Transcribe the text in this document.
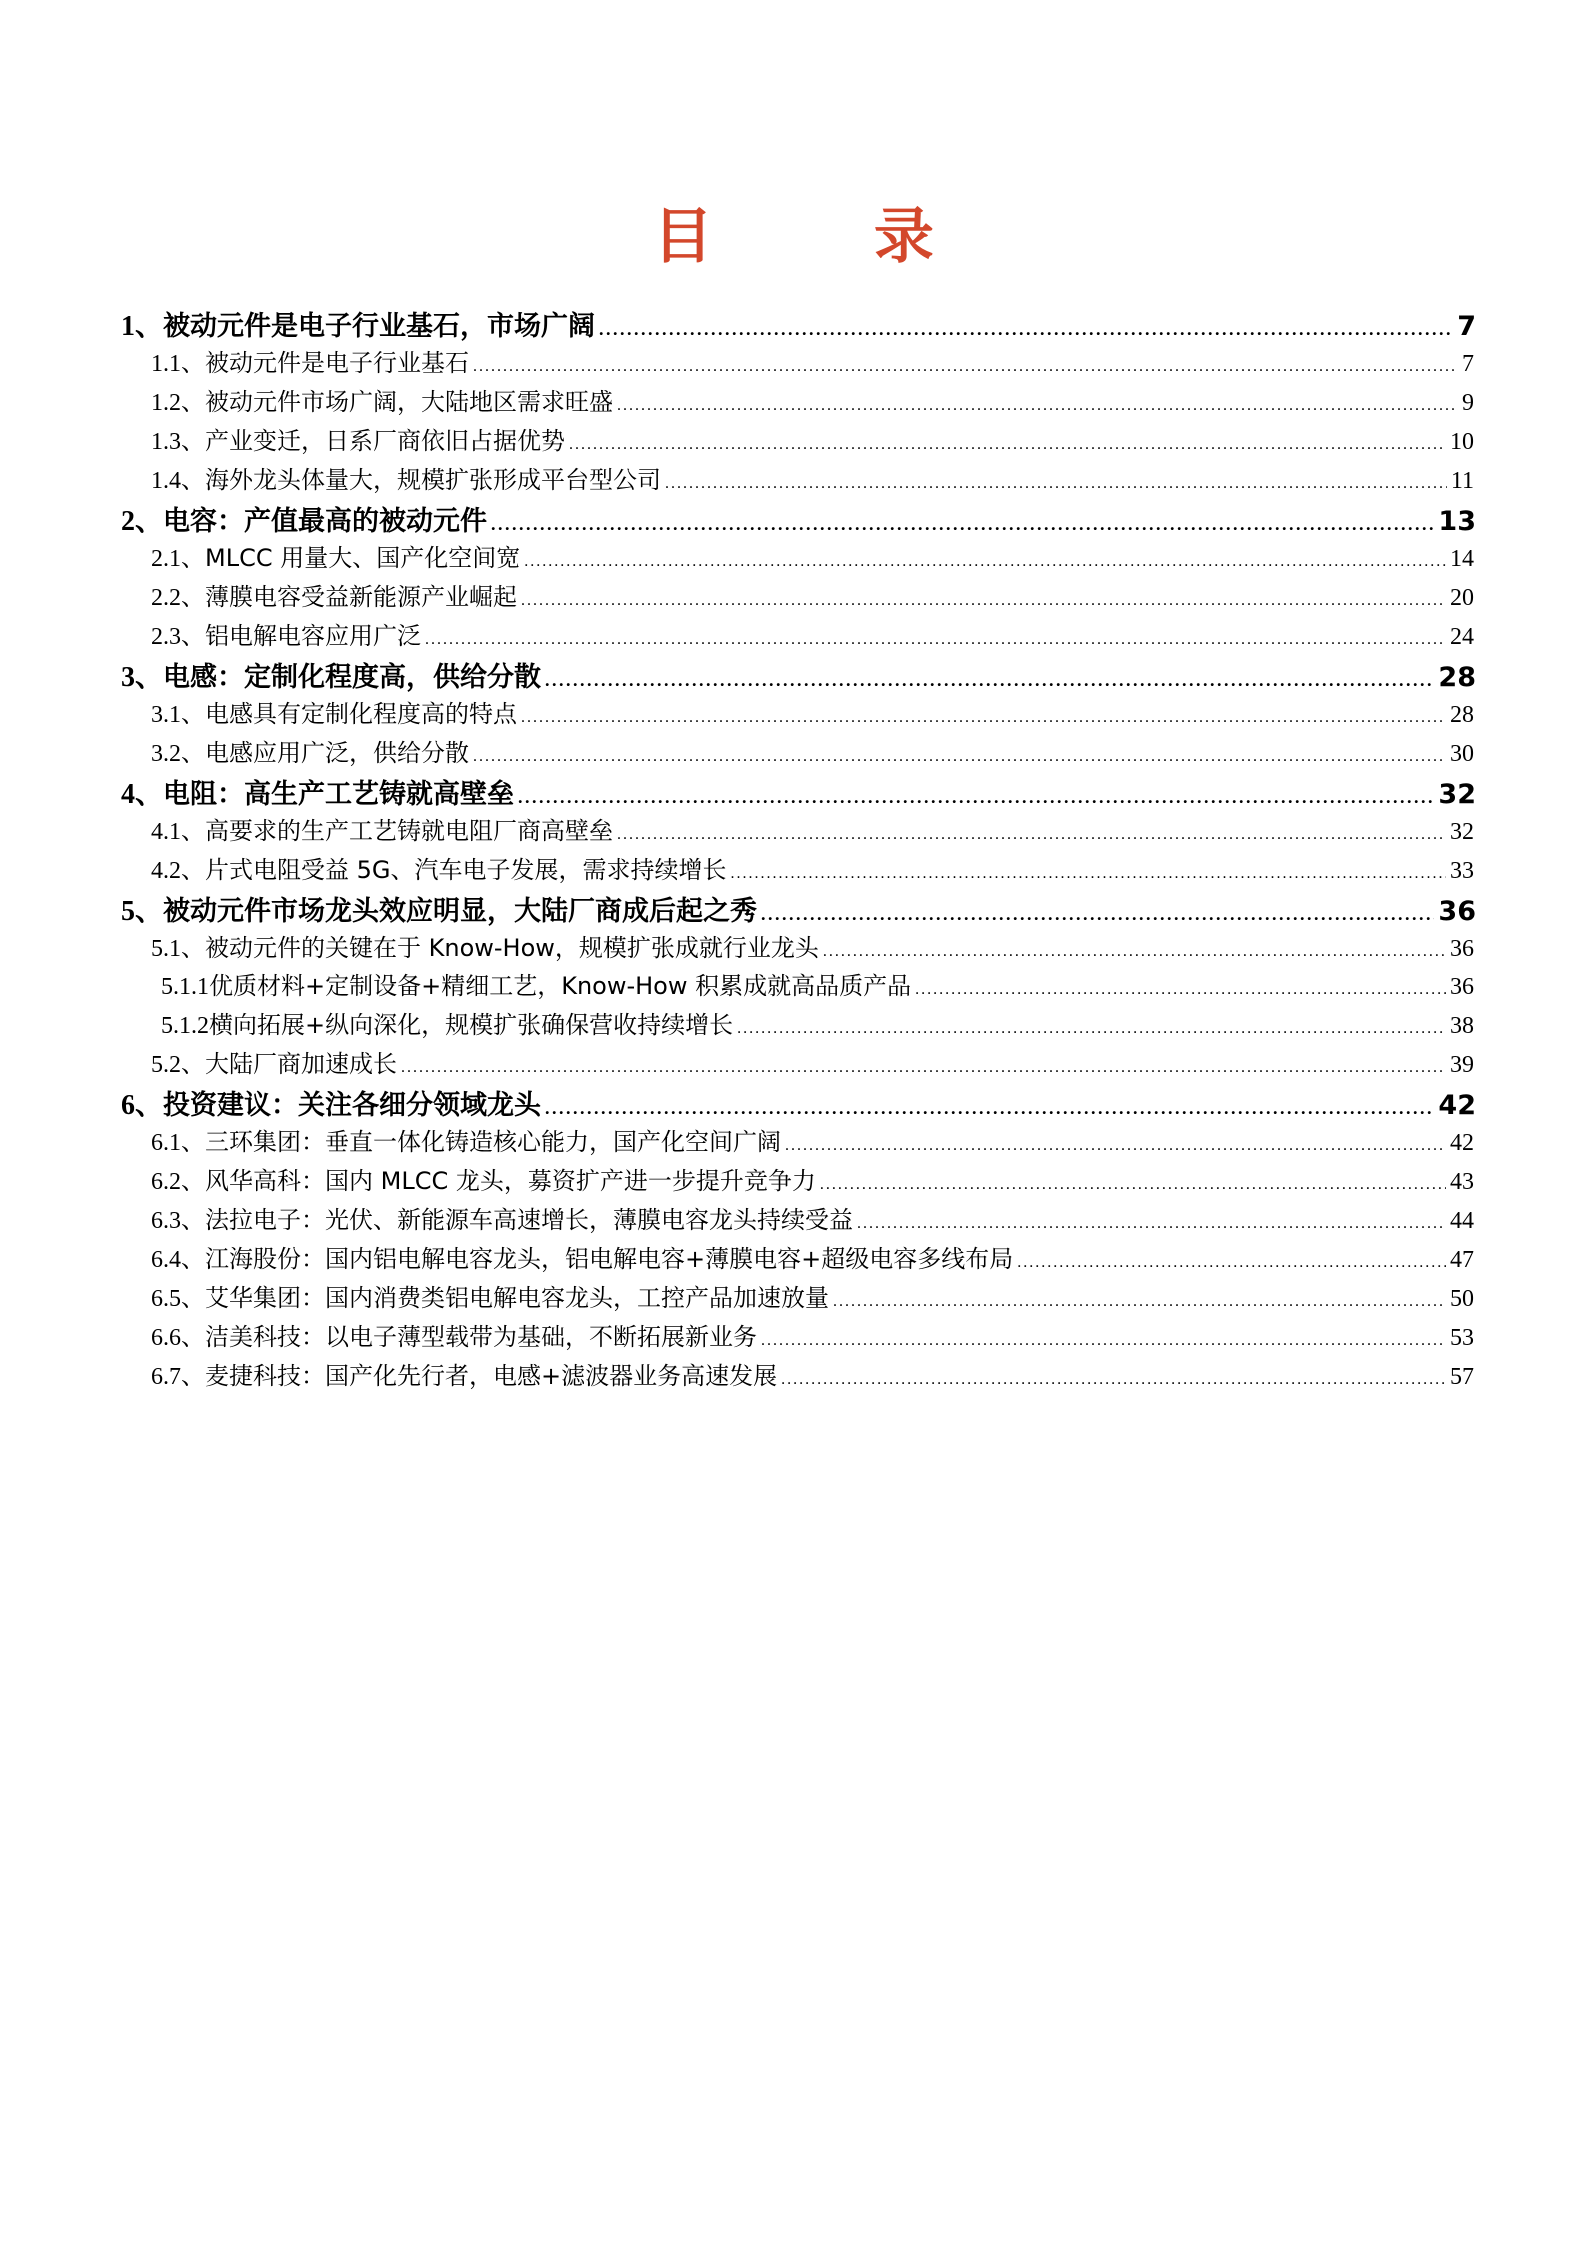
目 录
1、 被动元件是电子行业基石，市场广阔 . . .	7
1.1、 被动元件是电子行业基石 . . .	7
1.2、 被动元件市场广阔，大陆地区需求旺盛 . . .	9
1.3、 产业变迁，日系厂商依旧占据优势 . . .	10
1.4、 海外龙头体量大，规模扩张形成平台型公司 . . .	11
2、 电容：产值最高的被动元件 . . .	13
2.1、 MLCC 用量大、国产化空间宽 . . .	14
2.2、 薄膜电容受益新能源产业崛起 . . .	20
2.3、 铝电解电容应用广泛 . . .	24
3、 电感：定制化程度高，供给分散 . . .	28
3.1、 电感具有定制化程度高的特点 . . .	28
3.2、 电感应用广泛，供给分散 . . .	30
4、 电阻：高生产工艺铸就高壁垒 . . .	32
4.1、 高要求的生产工艺铸就电阻厂商高壁垒 . . .	32
4.2、 片式电阻受益 5G、汽车电子发展，需求持续增长 . . .	33
5、 被动元件市场龙头效应明显，大陆厂商成后起之秀 . . .	36
5.1、 被动元件的关键在于 Know-How，规模扩张成就行业龙头 . . .	36
5.1.1 优质材料+定制设备+精细工艺，Know-How 积累成就高品质产品 . . .	36
5.1.2 横向拓展+纵向深化，规模扩张确保营收持续增长 . . .	38
5.2、 大陆厂商加速成长 . . .	39
6、 投资建议：关注各细分领域龙头 . . .	42
6.1、 三环集团：垂直一体化铸造核心能力，国产化空间广阔 . . .	42
6.2、 风华高科：国内 MLCC 龙头，募资扩产进一步提升竞争力 . . .	43
6.3、 法拉电子：光伏、新能源车高速增长，薄膜电容龙头持续受益 . . .	44
6.4、 江海股份：国内铝电解电容龙头，铝电解电容+薄膜电容+超级电容多线布局 . . .	47
6.5、 艾华集团：国内消费类铝电解电容龙头，工控产品加速放量 . . .	50
6.6、 洁美科技：以电子薄型载带为基础，不断拓展新业务 . . .	53
6.7、 麦捷科技：国产化先行者，电感+滤波器业务高速发展 . . .	57
